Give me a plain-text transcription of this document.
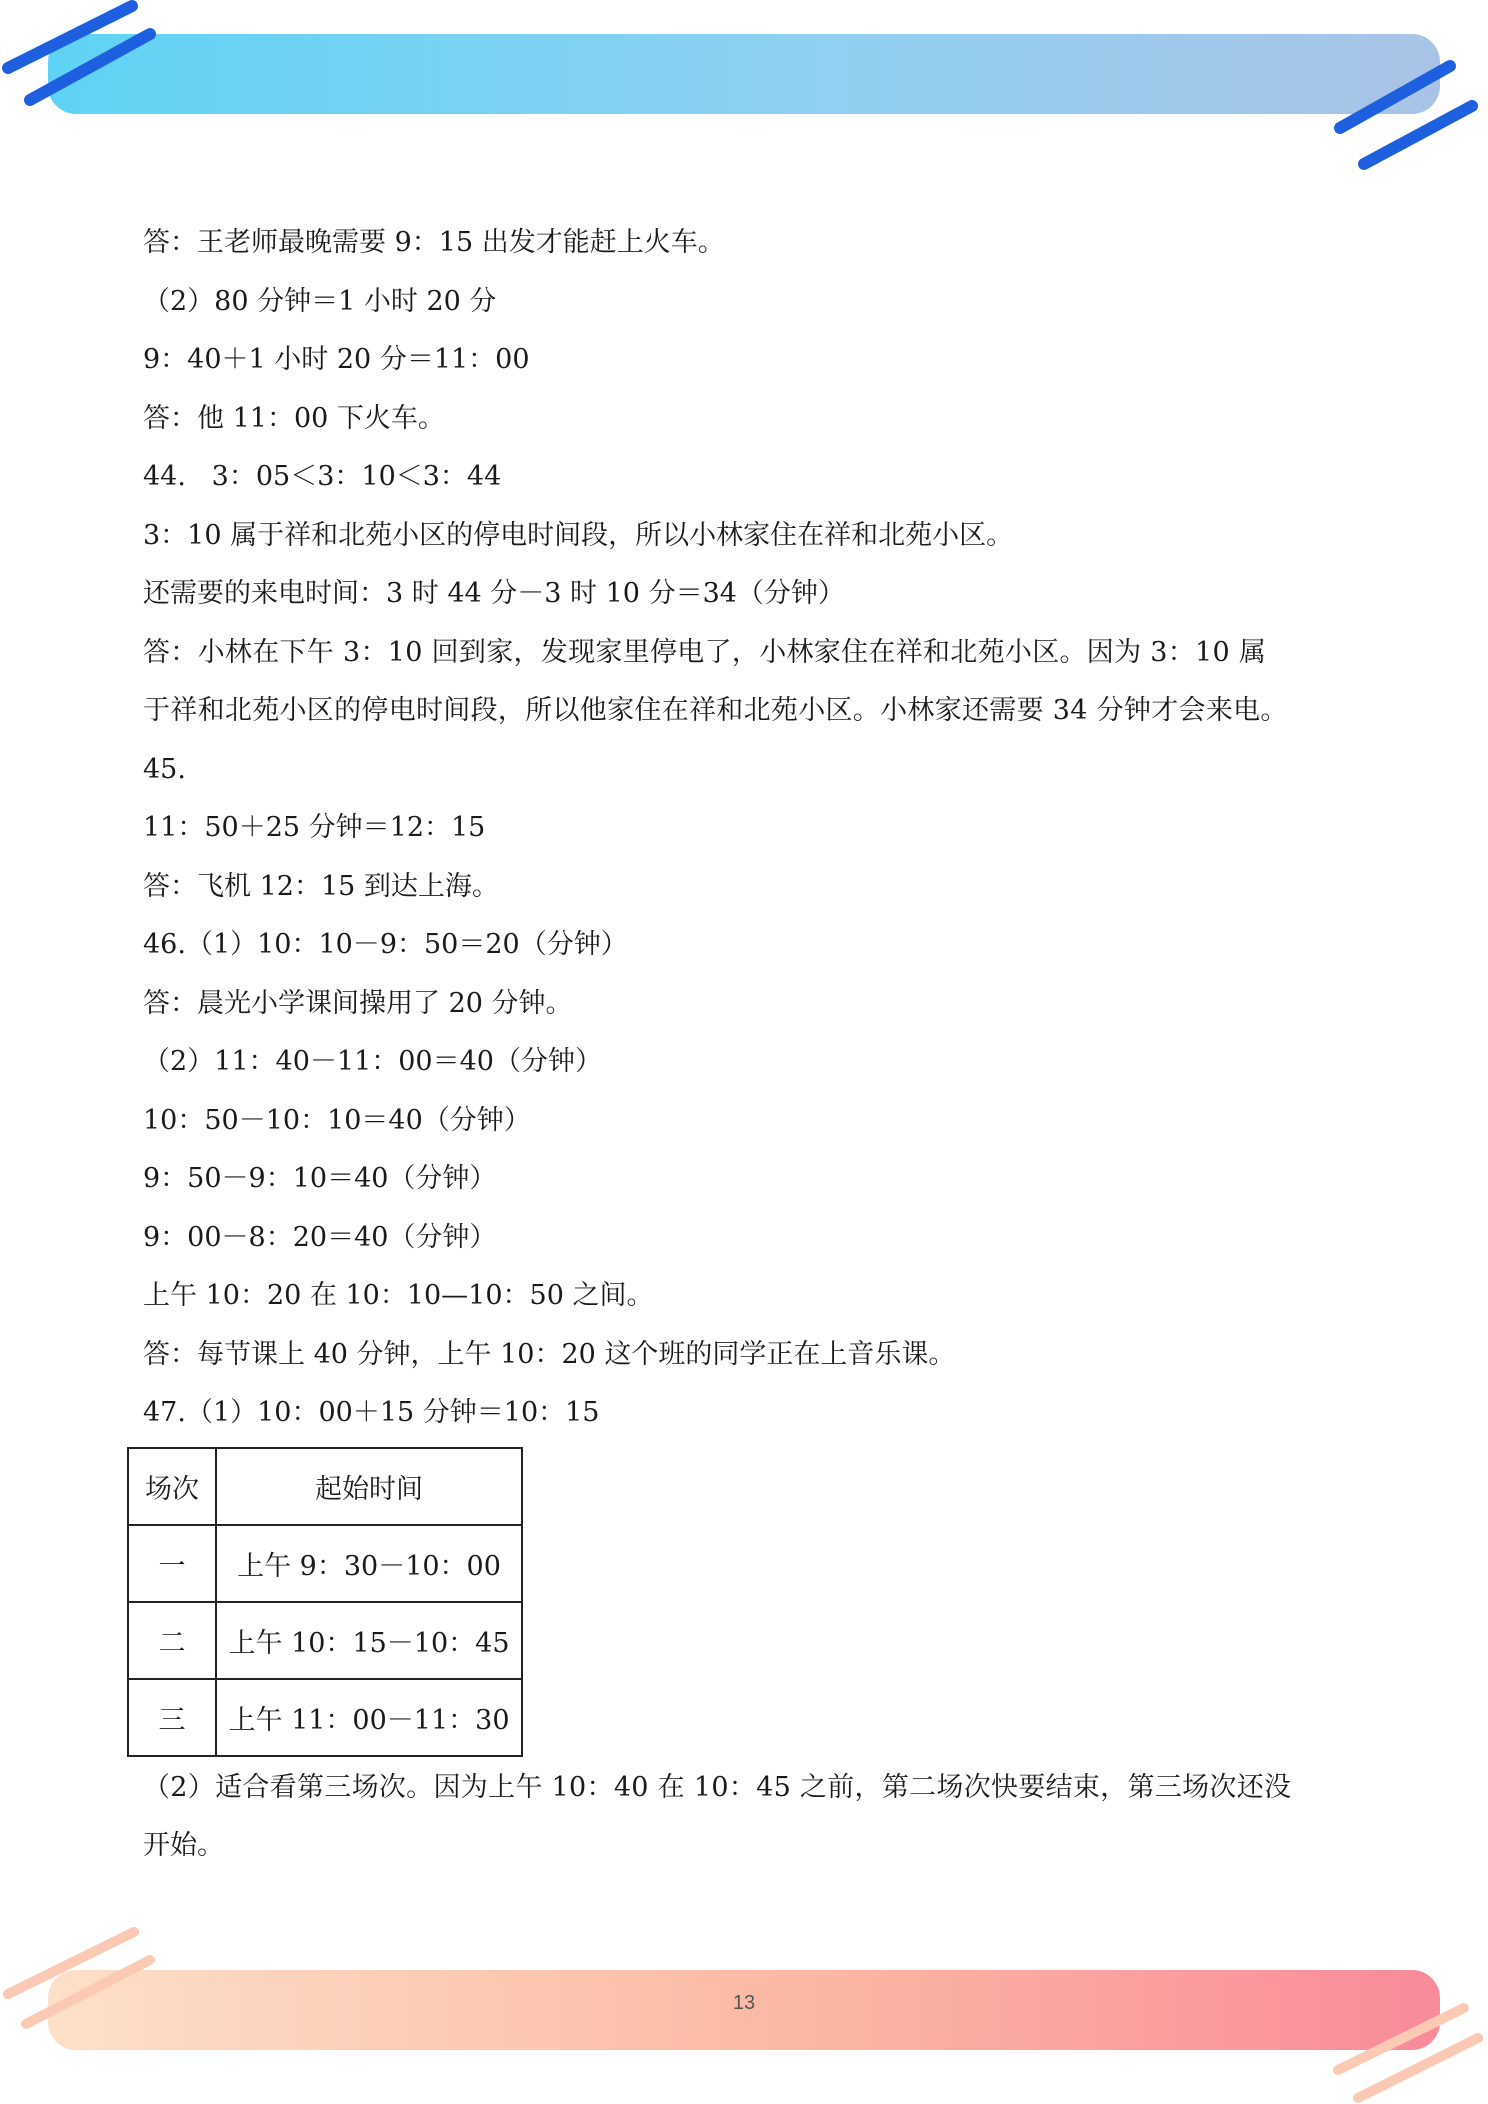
答：王老师最晚需要 9：15 出发才能赶上火车。
（2）80 分钟＝1 小时 20 分
9：40＋1 小时 20 分＝11：00
答：他 11：00 下火车。
44.   3：05＜3：10＜3：44
3：10 属于祥和北苑小区的停电时间段，所以小林家住在祥和北苑小区。
还需要的来电时间：3 时 44 分－3 时 10 分＝34（分钟）
答：小林在下午 3：10 回到家，发现家里停电了，小林家住在祥和北苑小区。因为 3：10 属
于祥和北苑小区的停电时间段，所以他家住在祥和北苑小区。小林家还需要 34 分钟才会来电。
45.
11：50＋25 分钟＝12：15
答：飞机 12：15 到达上海。
46.（1）10：10－9：50＝20（分钟）
答：晨光小学课间操用了 20 分钟。
（2）11：40－11：00＝40（分钟）
10：50－10：10＝40（分钟）
9：50－9：10＝40（分钟）
9：00－8：20＝40（分钟）
上午 10：20 在 10：10—10：50 之间。
答：每节课上 40 分钟，上午 10：20 这个班的同学正在上音乐课。
47.（1）10：00＋15 分钟＝10：15
场次	起始时间
一	上午 9：30－10：00
二	上午 10：15－10：45
三	上午 11：00－11：30
（2）适合看第三场次。因为上午 10：40 在 10：45 之前，第二场次快要结束，第三场次还没
开始。
13
